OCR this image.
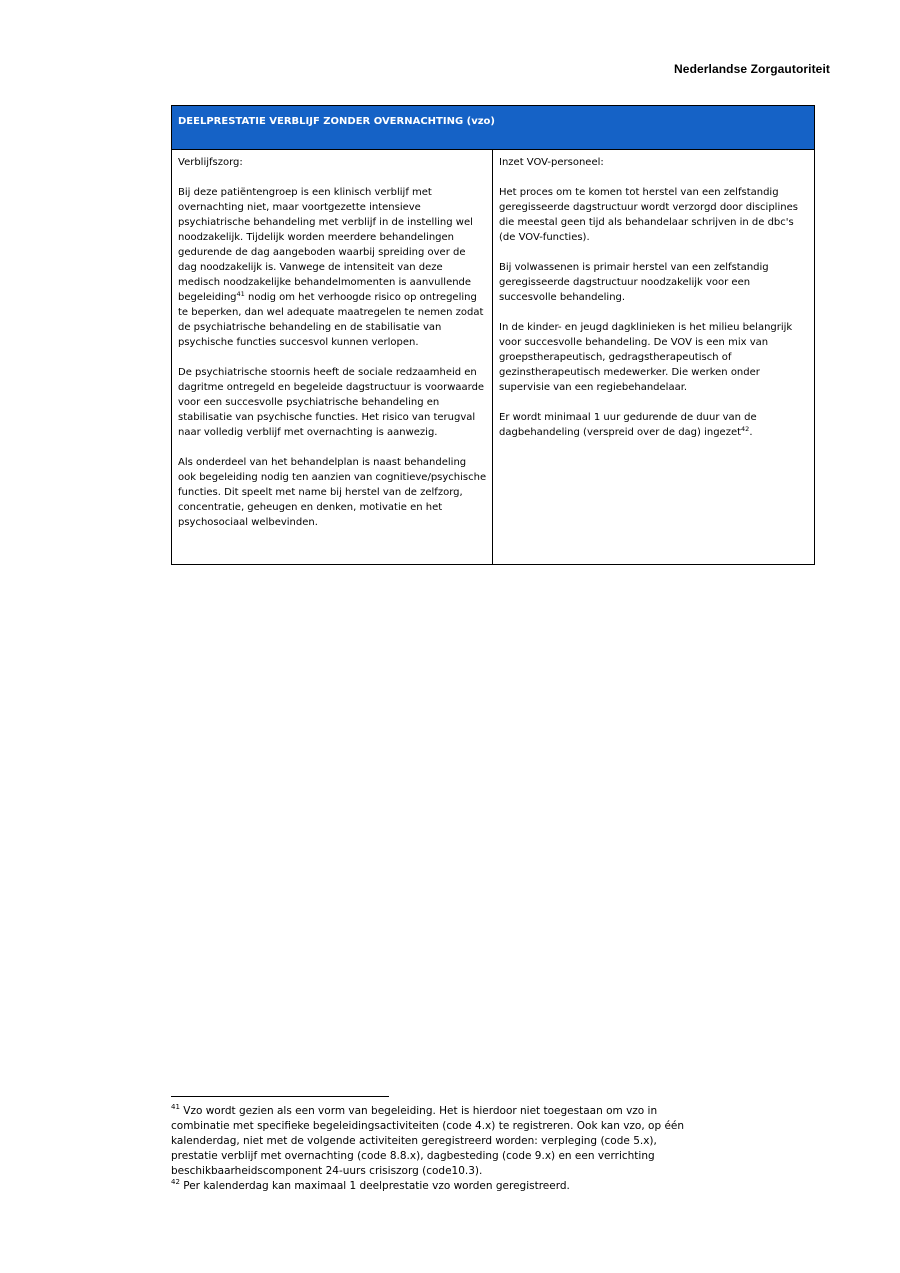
Nederlandse Zorgautoriteit
DEELPRESTATIE VERBLIJF ZONDER OVERNACHTING (vzo)

Verblijfszorg:

Bij deze patiëntengroep is een klinisch verblijf met overnachting niet, maar voortgezette intensieve psychiatrische behandeling met verblijf in de instelling wel noodzakelijk. Tijdelijk worden meerdere behandelingen gedurende de dag aangeboden waarbij spreiding over de dag noodzakelijk is. Vanwege de intensiteit van deze medisch noodzakelijke behandelmomenten is aanvullende begeleiding$^{41}$ nodig om het verhoogde risico op ontregeling te beperken, dan wel adequate maatregelen te nemen zodat de psychiatrische behandeling en de stabilisatie van psychische functies succesvol kunnen verlopen.

De psychiatrische stoornis heeft de sociale redzaamheid en dagritme ontregeld en begeleide dagstructuur is voorwaarde voor een succesvolle psychiatrische behandeling en stabilisatie van psychische functies. Het risico van terugval naar volledig verblijf met overnachting is aanwezig.

Als onderdeel van het behandelplan is naast behandeling ook begeleiding nodig ten aanzien van cognitieve/psychische functies. Dit speelt met name bij herstel van de zelfzorg, concentratie, geheugen en denken, motivatie en het psychosociaal welbevinden.

Inzet VOV-personeel:

Het proces om te komen tot herstel van een zelfstandig geregisseerde dagstructuur wordt verzorgd door disciplines die meestal geen tijd als behandelaar schrijven in de dbc's (de VOV-functies).

Bij volwassenen is primair herstel van een zelfstandig geregisseerde dagstructuur noodzakelijk voor een succesvolle behandeling.

In de kinder- en jeugd dagklinieken is het milieu belangrijk voor succesvolle behandeling. De VOV is een mix van groepstherapeutisch, gedragstherapeutisch of gezinstherapeutisch medewerker. Die werken onder supervisie van een regiebehandelaar.

Er wordt minimaal 1 uur gedurende de duur van de dagbehandeling (verspreid over de dag) ingezet$^{42}$.

$^{41}$ Vzo wordt gezien als een vorm van begeleiding. Het is hierdoor niet toegestaan om vzo in combinatie met specifieke begeleidingsactiviteiten (code 4.x) te registreren. Ook kan vzo, op één kalenderdag, niet met de volgende activiteiten geregistreerd worden: verpleging (code 5.x), prestatie verblijf met overnachting (code 8.8.x), dagbesteding (code 9.x) en een verrichting beschikbaarheidscomponent 24-uurs crisiszorg (code10.3).

$^{42}$ Per kalenderdag kan maximaal 1 deelprestatie vzo worden geregistreerd.
